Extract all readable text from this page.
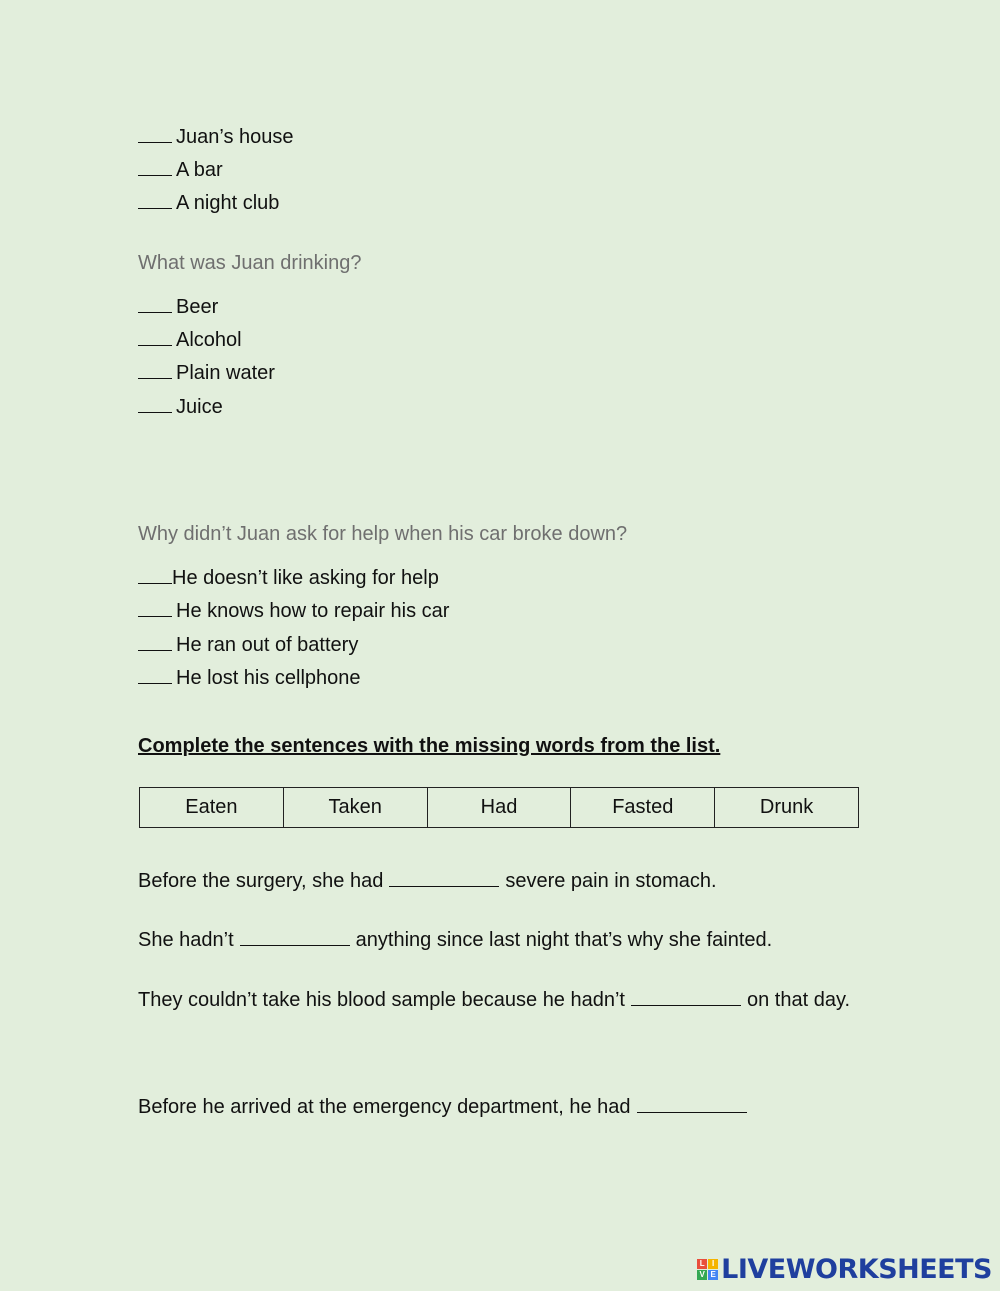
Juan’s house
A bar
A night club
What was Juan drinking?
Beer
Alcohol
Plain water
Juice
Why didn’t Juan ask for help when his car broke down?
He doesn’t like asking for help
He knows how to repair his car
He ran out of battery
He lost his cellphone
Complete the sentences with the missing words from the list.
Eaten	Taken	Had	Fasted	Drunk
Before the surgery, she had	severe pain in stomach.
She hadn’t	anything since last night that’s why she fainted.
They couldn’t take his blood sample because he hadn’t	on that day.
Before he arrived at the emergency department, he had
L I
V E LIVEWORKSHEETS
